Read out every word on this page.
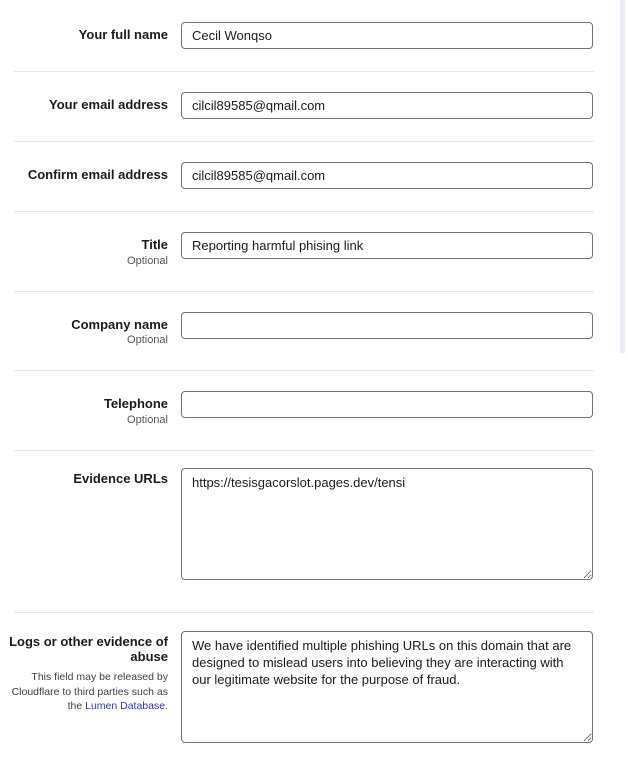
Your full name
Cecil Wonqso
Your email address
cilcil89585@qmail.com
Confirm email address
cilcil89585@qmail.com
Title
Optional
Reporting harmful phising link
Company name
Optional
Telephone
Optional
Evidence URLs
https://tesisgacorslot.pages.dev/tensi
Logs or other evidence of abuse
This field may be released by Cloudflare to third parties such as the Lumen Database.
We have identified multiple phishing URLs on this domain that are designed to mislead users into believing they are interacting with our legitimate website for the purpose of fraud.
